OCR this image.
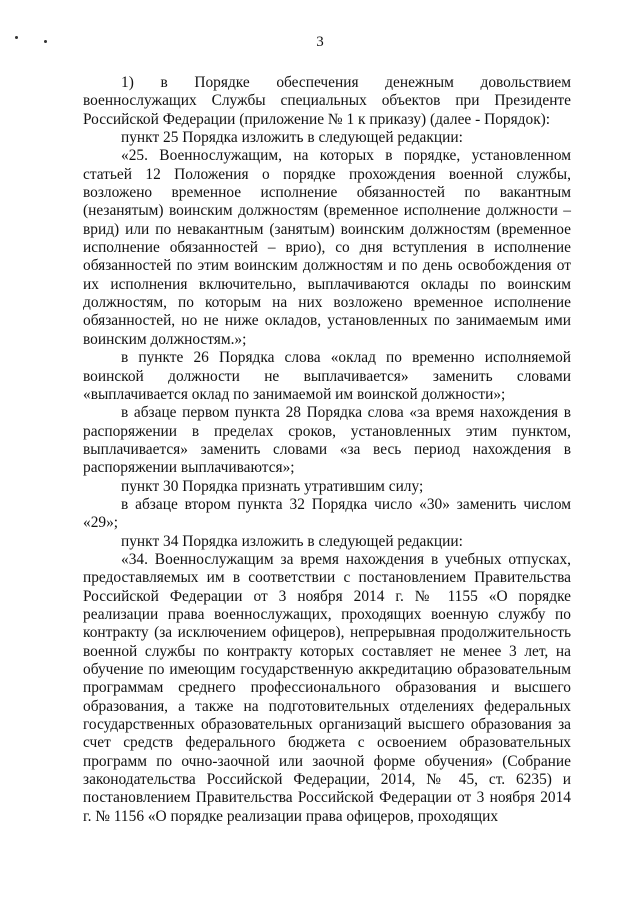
3

1) в Порядке обеспечения денежным довольствием военнослужащих Службы специальных объектов при Президенте Российской Федерации (приложение № 1 к приказу) (далее - Порядок):

пункт 25 Порядка изложить в следующей редакции:

«25. Военнослужащим, на которых в порядке, установленном статьей 12 Положения о порядке прохождения военной службы, возложено временное исполнение обязанностей по вакантным (незанятым) воинским должностям (временное исполнение должности – врид) или по невакантным (занятым) воинским должностям (временное исполнение обязанностей – врио), со дня вступления в исполнение обязанностей по этим воинским должностям и по день освобождения от их исполнения включительно, выплачиваются оклады по воинским должностям, по которым на них возложено временное исполнение обязанностей, но не ниже окладов, установленных по занимаемым ими воинским должностям.»;

в пункте 26 Порядка слова «оклад по временно исполняемой воинской должности не выплачивается» заменить словами «выплачивается оклад по занимаемой им воинской должности»;

в абзаце первом пункта 28 Порядка слова «за время нахождения в распоряжении в пределах сроков, установленных этим пунктом, выплачивается» заменить словами «за весь период нахождения в распоряжении выплачиваются»;

пункт 30 Порядка признать утратившим силу;

в абзаце втором пункта 32 Порядка число «30» заменить числом «29»;

пункт 34 Порядка изложить в следующей редакции:

«34. Военнослужащим за время нахождения в учебных отпусках, предоставляемых им в соответствии с постановлением Правительства Российской Федерации от 3 ноября 2014 г. № 1155 «О порядке реализации права военнослужащих, проходящих военную службу по контракту (за исключением офицеров), непрерывная продолжительность военной службы по контракту которых составляет не менее 3 лет, на обучение по имеющим государственную аккредитацию образовательным программам среднего профессионального образования и высшего образования, а также на подготовительных отделениях федеральных государственных образовательных организаций высшего образования за счет средств федерального бюджета с освоением образовательных программ по очно-заочной или заочной форме обучения» (Собрание законодательства Российской Федерации, 2014, № 45, ст. 6235) и постановлением Правительства Российской Федерации от 3 ноября 2014 г. № 1156 «О порядке реализации права офицеров, проходящих
